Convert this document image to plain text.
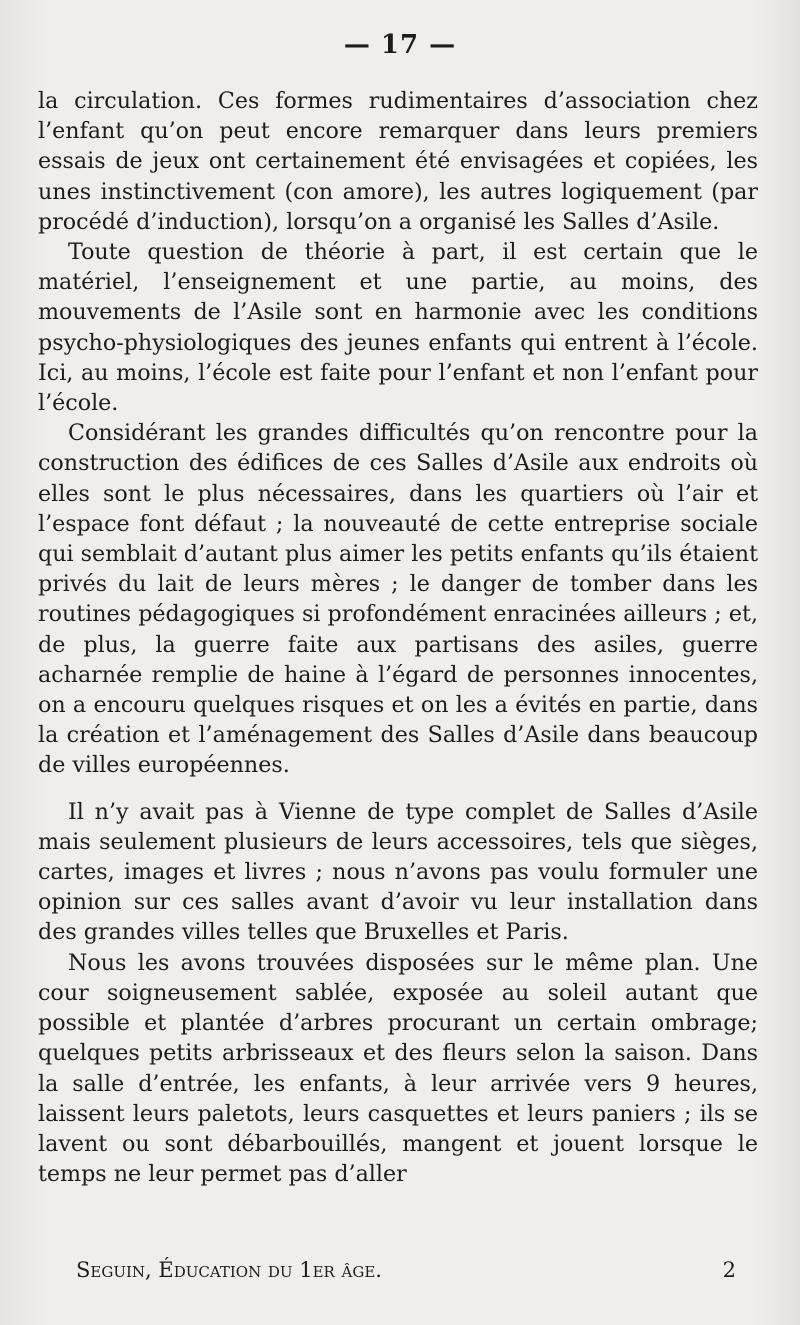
— 17 —

la circulation. Ces formes rudimentaires d’association chez l’enfant qu’on peut encore remarquer dans leurs premiers essais de jeux ont certainement été envisagées et copiées, les unes instinctivement (con amore), les autres logiquement (par procédé d’induction), lorsqu’on a organisé les Salles d’Asile.

Toute question de théorie à part, il est certain que le matériel, l’enseignement et une partie, au moins, des mouvements de l’Asile sont en harmonie avec les conditions psycho-physiologiques des jeunes enfants qui entrent à l’école. Ici, au moins, l’école est faite pour l’enfant et non l’enfant pour l’école.

Considérant les grandes difficultés qu’on rencontre pour la construction des édifices de ces Salles d’Asile aux endroits où elles sont le plus nécessaires, dans les quartiers où l’air et l’espace font défaut ; la nouveauté de cette entreprise sociale qui semblait d’autant plus aimer les petits enfants qu’ils étaient privés du lait de leurs mères ; le danger de tomber dans les routines pédagogiques si profondément enracinées ailleurs ; et, de plus, la guerre faite aux partisans des asiles, guerre acharnée remplie de haine à l’égard de personnes innocentes, on a encouru quelques risques et on les a évités en partie, dans la création et l’aménagement des Salles d’Asile dans beaucoup de villes européennes.

Il n’y avait pas à Vienne de type complet de Salles d’Asile mais seulement plusieurs de leurs accessoires, tels que sièges, cartes, images et livres ; nous n’avons pas voulu formuler une opinion sur ces salles avant d’avoir vu leur installation dans des grandes villes telles que Bruxelles et Paris.

Nous les avons trouvées disposées sur le même plan. Une cour soigneusement sablée, exposée au soleil autant que possible et plantée d’arbres procurant un certain ombrage; quelques petits arbrisseaux et des fleurs selon la saison. Dans la salle d’entrée, les enfants, à leur arrivée vers 9 heures, laissent leurs paletots, leurs casquettes et leurs paniers ; ils se lavent ou sont débarbouillés, mangent et jouent lorsque le temps ne leur permet pas d’aller

Seguin, Éducation du 1er âge.	2
